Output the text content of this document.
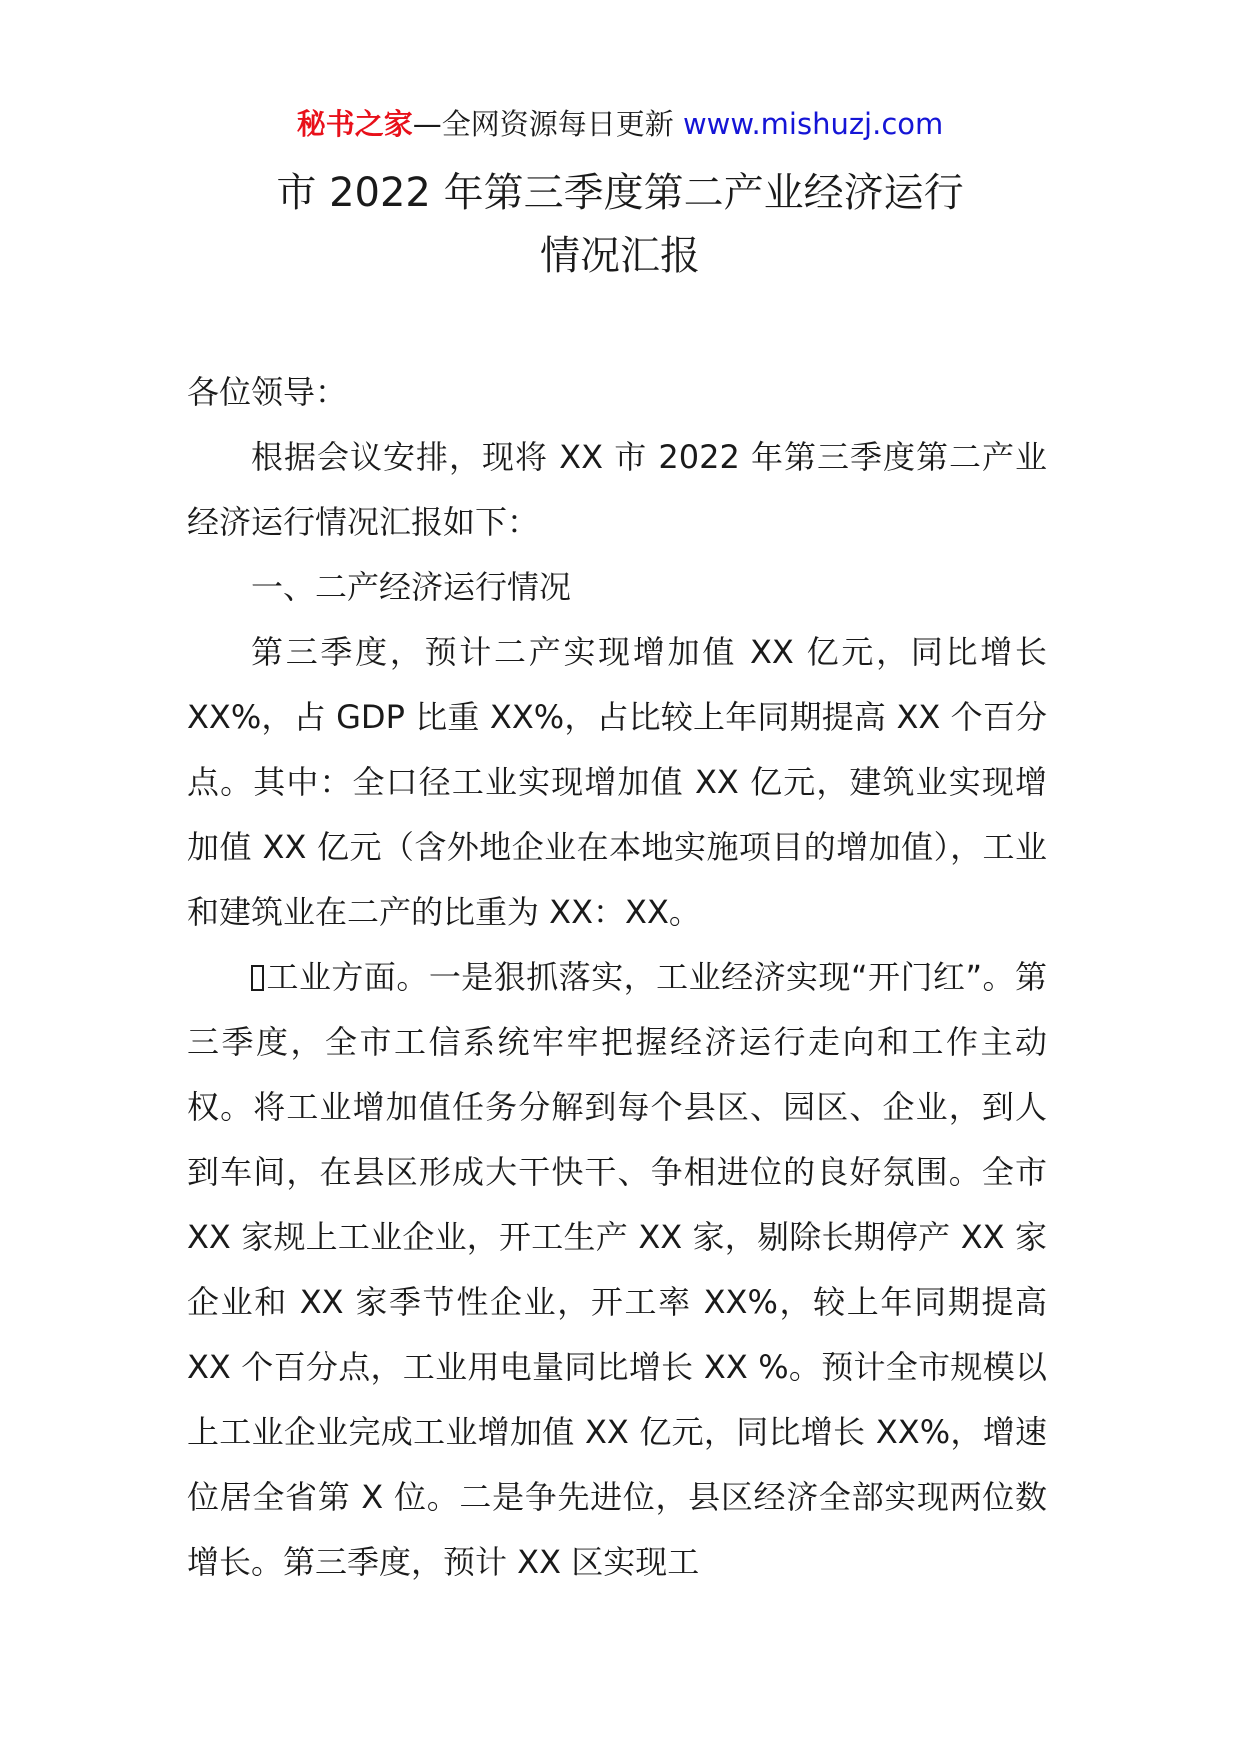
秘书之家—全网资源每日更新 www.mishuzj.com
市 2022 年第三季度第二产业经济运行
情况汇报

各位领导：

根据会议安排，现将 XX 市 2022 年第三季度第二产业经济运行情况汇报如下：

一、二产经济运行情况

第三季度，预计二产实现增加值 XX 亿元，同比增长 XX%，占 GDP 比重 XX%，占比较上年同期提高 XX 个百分点。其中：全口径工业实现增加值 XX 亿元，建筑业实现增加值 XX 亿元（含外地企业在本地实施项目的增加值），工业和建筑业在二产的比重为 XX：XX。

工业方面。一是狠抓落实，工业经济实现“开门红”。第三季度，全市工信系统牢牢把握经济运行走向和工作主动权。将工业增加值任务分解到每个县区、园区、企业，到人到车间，在县区形成大干快干、争相进位的良好氛围。全市 XX 家规上工业企业，开工生产 XX 家，剔除长期停产 XX 家企业和 XX 家季节性企业，开工率 XX%，较上年同期提高 XX 个百分点，工业用电量同比增长 XX %。预计全市规模以上工业企业完成工业增加值 XX 亿元，同比增长 XX%，增速位居全省第 X 位。二是争先进位，县区经济全部实现两位数增长。第三季度，预计 XX 区实现工
